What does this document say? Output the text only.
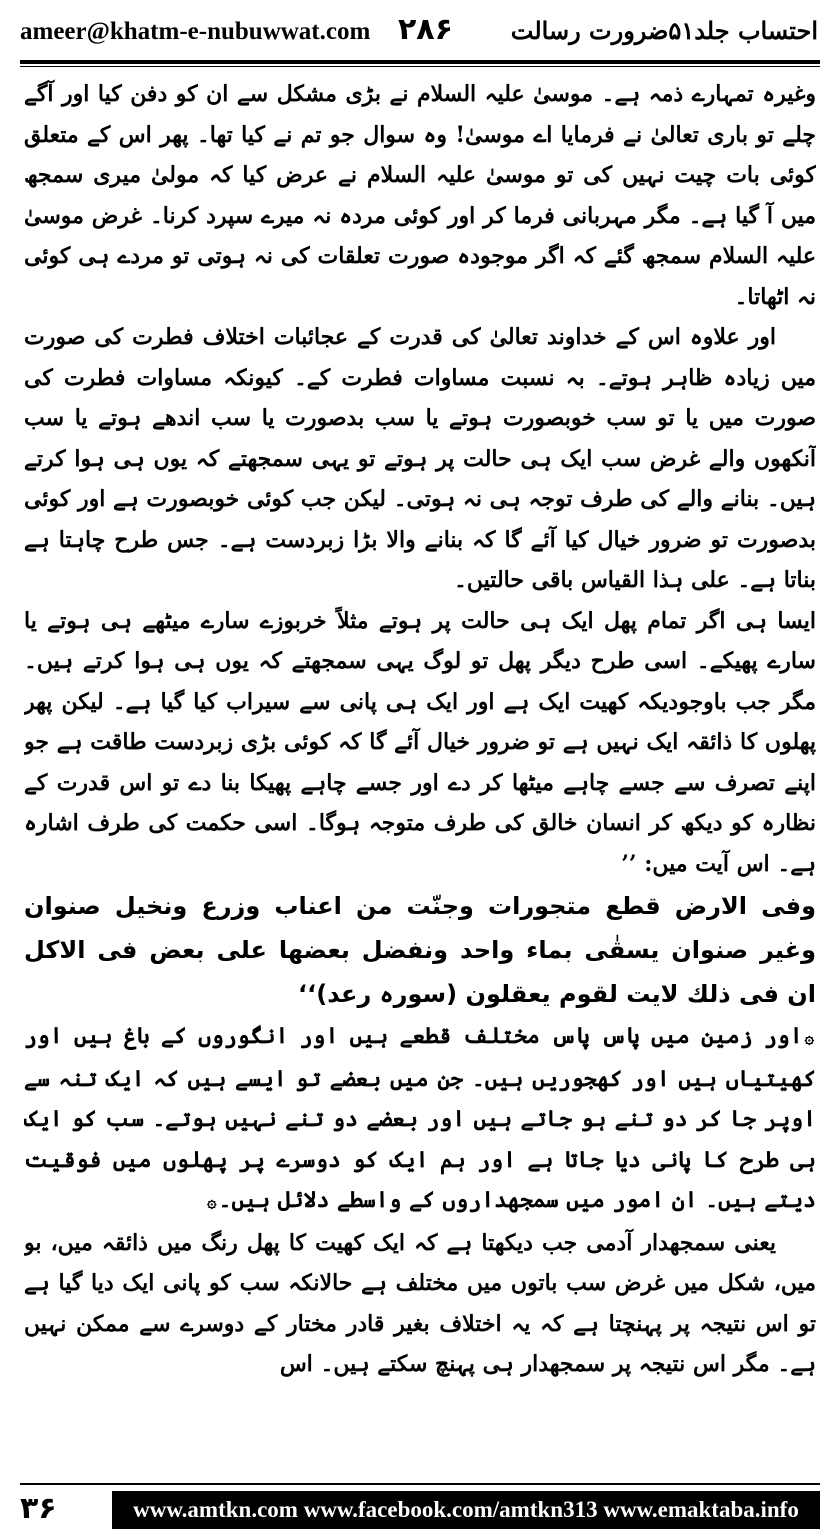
ameer@khatm-e-nubuwwat.com ۲۸۶ احتساب جلد۵۱ضرورت رسالت

وغیرہ تمہارے ذمہ ہے۔ موسیٰ علیہ السلام نے بڑی مشکل سے ان کو دفن کیا اور آگے چلے تو باری تعالیٰ نے فرمایا اے موسیٰ! وہ سوال جو تم نے کیا تھا۔ پھر اس کے متعلق کوئی بات چیت نہیں کی تو موسیٰ علیہ السلام نے عرض کیا کہ مولیٰ میری سمجھ میں آ گیا ہے۔ مگر مہربانی فرما کر اور کوئی مردہ نہ میرے سپرد کرنا۔ غرض موسیٰ علیہ السلام سمجھ گئے کہ اگر موجودہ صورت تعلقات کی نہ ہوتی تو مردے ہی کوئی نہ اٹھاتا۔

اور علاوہ اس کے خداوند تعالیٰ کی قدرت کے عجائبات اختلاف فطرت کی صورت میں زیادہ ظاہر ہوتے۔ بہ نسبت مساوات فطرت کے۔ کیونکہ مساوات فطرت کی صورت میں یا تو سب خوبصورت ہوتے یا سب بدصورت یا سب اندھے ہوتے یا سب آنکھوں والے غرض سب ایک ہی حالت پر ہوتے تو یہی سمجھتے کہ یوں ہی ہوا کرتے ہیں۔ بنانے والے کی طرف توجہ ہی نہ ہوتی۔ لیکن جب کوئی خوبصورت ہے اور کوئی بدصورت تو ضرور خیال کیا آئے گا کہ بنانے والا بڑا زبردست ہے۔ جس طرح چاہتا ہے بناتا ہے۔ علی ہذا القیاس باقی حالتیں۔

ایسا ہی اگر تمام پھل ایک ہی حالت پر ہوتے مثلاً خربوزے سارے میٹھے ہی ہوتے یا سارے پھیکے۔ اسی طرح دیگر پھل تو لوگ یہی سمجھتے کہ یوں ہی ہوا کرتے ہیں۔ مگر جب باوجودیکہ کھیت ایک ہے اور ایک ہی پانی سے سیراب کیا گیا ہے۔ لیکن پھر پھلوں کا ذائقہ ایک نہیں ہے تو ضرور خیال آئے گا کہ کوئی بڑی زبردست طاقت ہے جو اپنے تصرف سے جسے چاہے میٹھا کر دے اور جسے چاہے پھیکا بنا دے تو اس قدرت کے نظارہ کو دیکھ کر انسان خالق کی طرف متوجہ ہوگا۔ اسی حکمت کی طرف اشارہ ہے۔ اس آیت میں: ’’

وفی الارض قطع متجورات وجنّت من اعناب وزرع ونخیل صنوان وغیر صنوان یسقٰی بماء واحد ونفضل بعضها علی بعض فی الاکل ان فی ذلك لایت لقوم یعقلون (سورہ رعد)‘‘

۞اور زمین میں پاس پاس مختلف قطعے ہیں اور انگوروں کے باغ ہیں اور کھیتیاں ہیں اور کھجوریں ہیں۔ جن میں بعضے تو ایسے ہیں کہ ایک تنہ سے اوپر جا کر دو تنے ہو جاتے ہیں اور بعضے دو تنے نہیں ہوتے۔ سب کو ایک ہی طرح کا پانی دیا جاتا ہے اور ہم ایک کو دوسرے پر پھلوں میں فوقیت دیتے ہیں۔ ان امور میں سمجھداروں کے واسطے دلائل ہیں۔۞

یعنی سمجھدار آدمی جب دیکھتا ہے کہ ایک کھیت کا پھل رنگ میں ذائقہ میں، بو میں، شکل میں غرض سب باتوں میں مختلف ہے حالانکہ سب کو پانی ایک دیا گیا ہے تو اس نتیجہ پر پہنچتا ہے کہ یہ اختلاف بغیر قادر مختار کے دوسرے سے ممکن نہیں ہے۔ مگر اس نتیجہ پر سمجھدار ہی پہنچ سکتے ہیں۔ اس

۳۶	www.amtkn.com www.facebook.com/amtkn313 www.emaktaba.info
